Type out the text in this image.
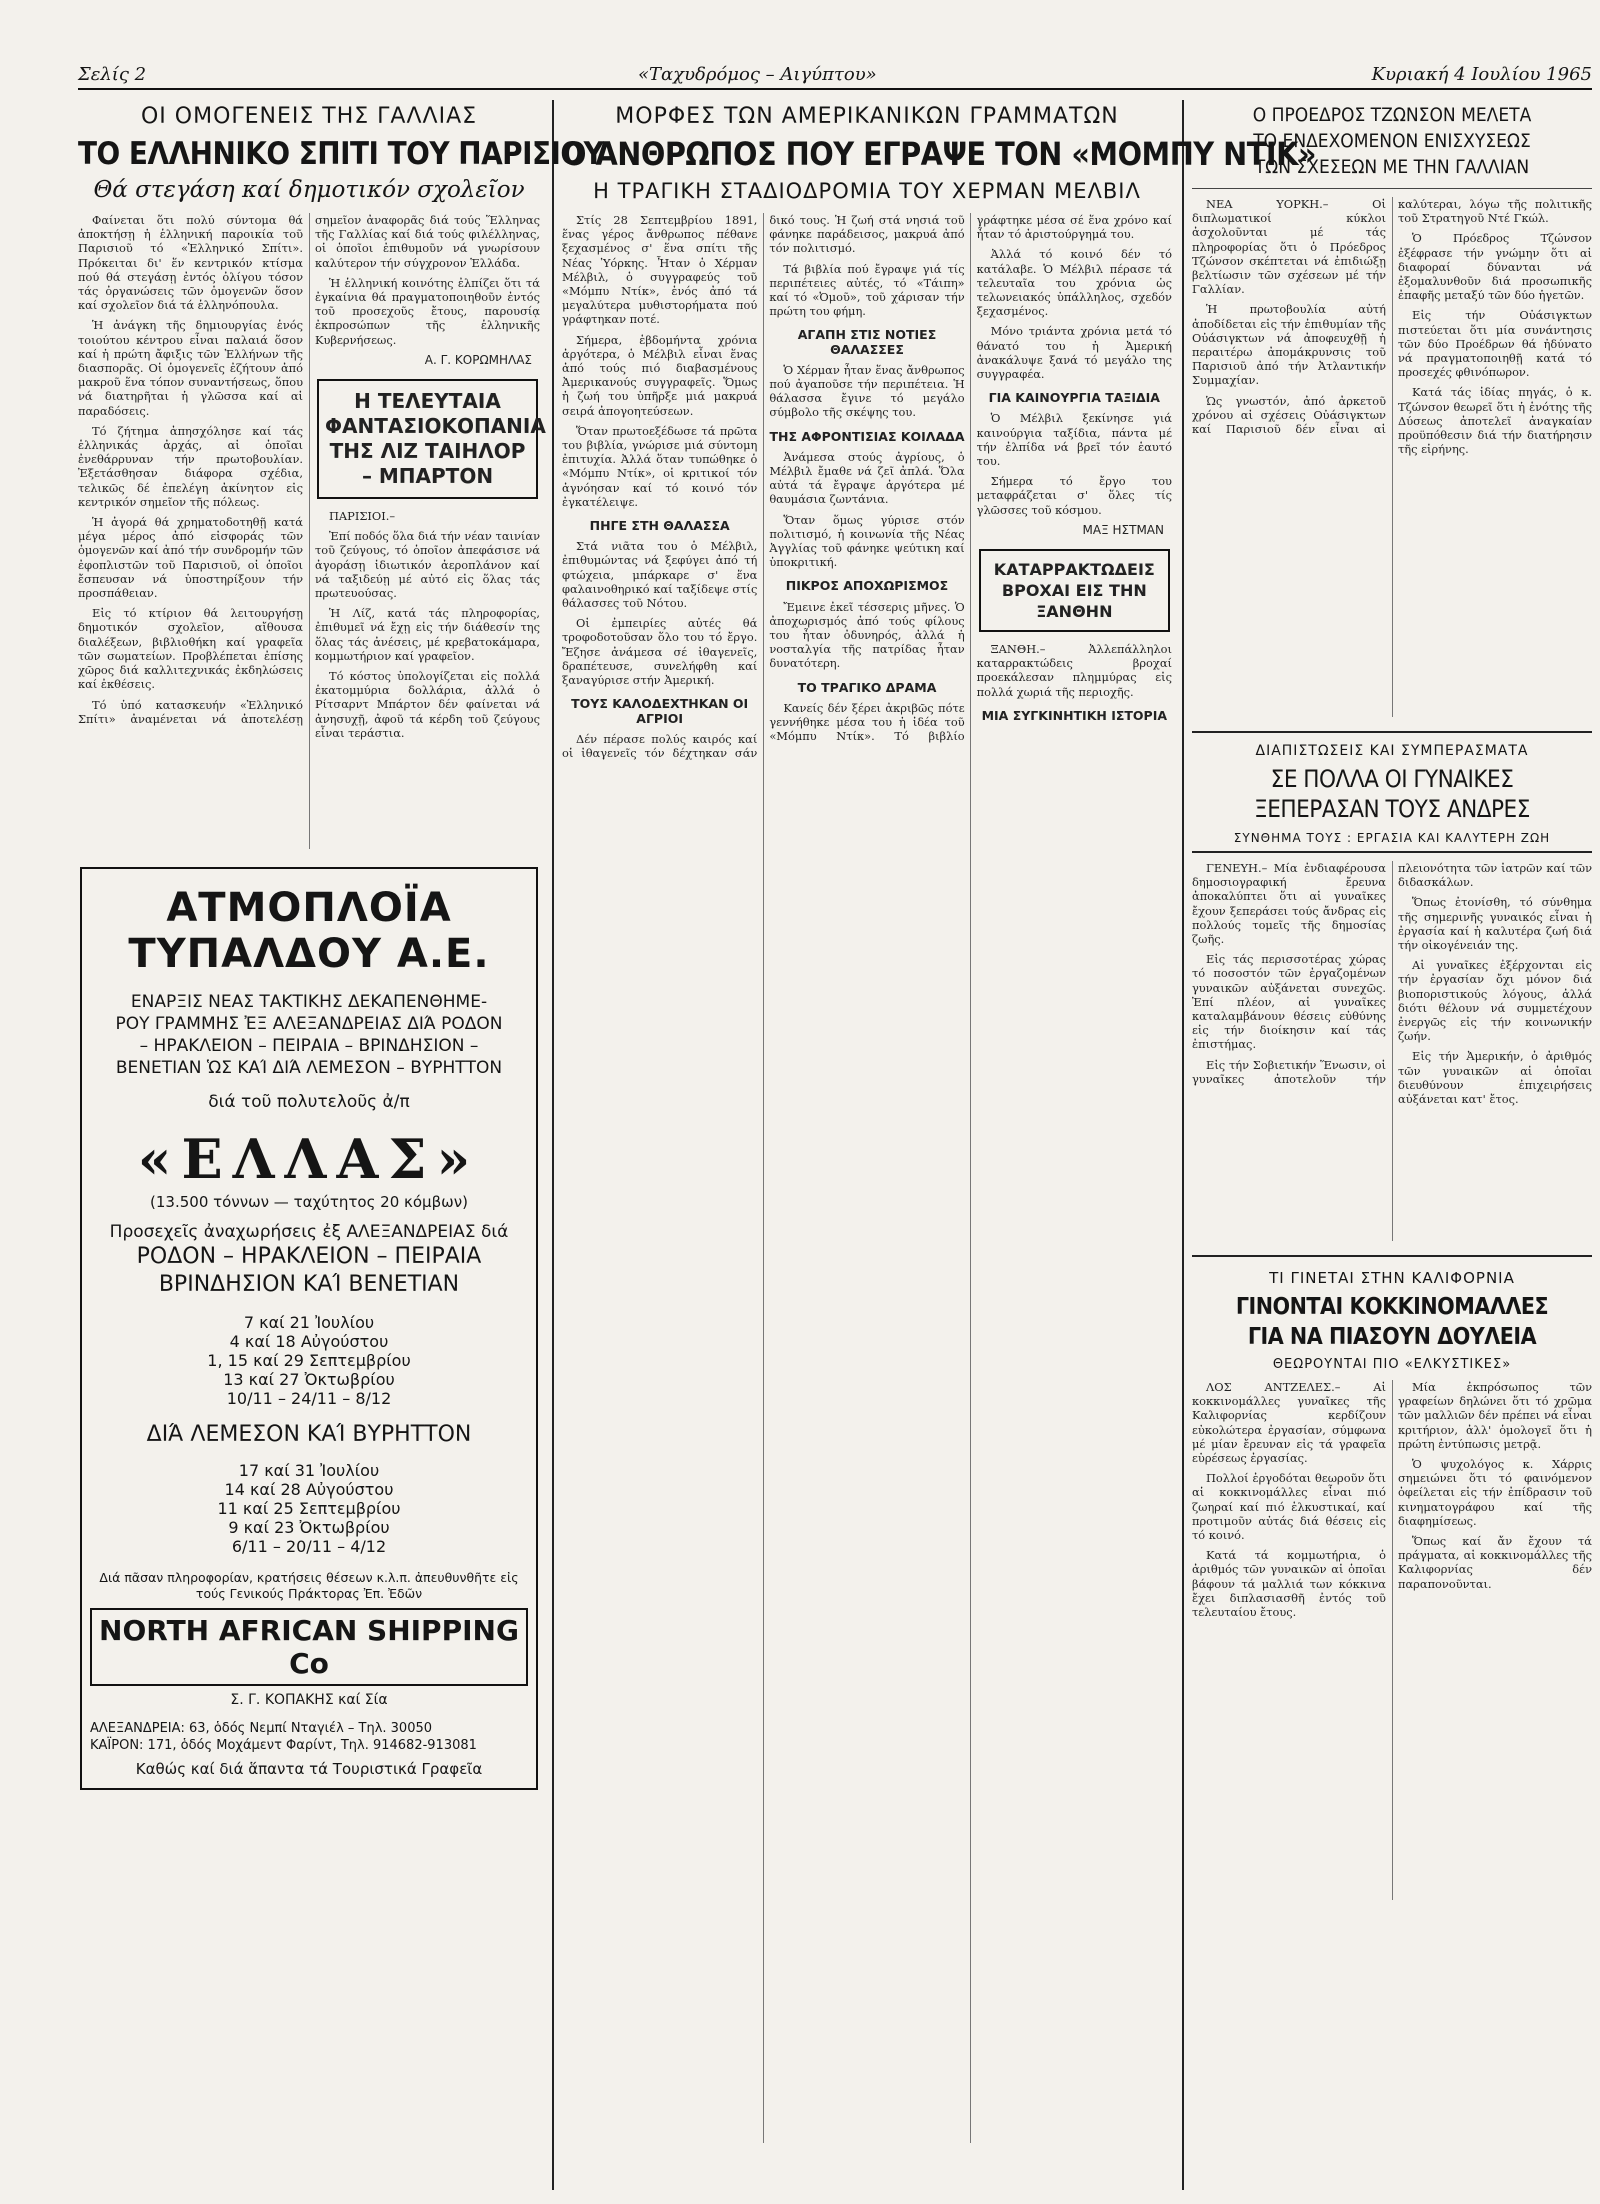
Σελίς 2	«Ταχυδρόμος – Αιγύπτου»	Κυριακή 4 Ιουλίου 1965
ΟΙ ΟΜΟΓΕΝΕΙΣ ΤΗΣ ΓΑΛΛΙΑΣ
ΤΟ ΕΛΛΗΝΙΚΟ ΣΠΙΤΙ ΤΟΥ ΠΑΡΙΣΙΟΥ
Θά στεγάση καί δημοτικόν σχολεῖον

Φαίνεται ὅτι πολύ σύντομα θά ἀποκτήσῃ ἡ ἑλληνική παροικία τοῦ Παρισιοῦ τό «Ἑλληνικό Σπίτι». Πρόκειται δι' ἕν κεντρικόν κτίσμα πού θά στεγάσῃ ἐντός ὀλίγου τόσον τάς ὀργανώσεις τῶν ὁμογενῶν ὅσον καί σχολεῖον διά τά ἑλληνόπουλα.

Ἡ ἀνάγκη τῆς δημιουργίας ἑνός τοιούτου κέντρου εἶναι παλαιά ὅσον καί ἡ πρώτη ἄφιξις τῶν Ἑλλήνων τῆς διασπορᾶς. Οἱ ὁμογενεῖς ἐζήτουν ἀπό μακροῦ ἕνα τόπον συναντήσεως, ὅπου νά διατηρῆται ἡ γλῶσσα καί αἱ παραδόσεις.

Τό ζήτημα ἀπησχόλησε καί τάς ἑλληνικάς ἀρχάς, αἱ ὁποῖαι ἐνεθάρρυναν τήν πρωτοβουλίαν. Ἐξετάσθησαν διάφορα σχέδια, τελικῶς δέ ἐπελέγη ἀκίνητον εἰς κεντρικόν σημεῖον τῆς πόλεως.

Ἡ ἀγορά θά χρηματοδοτηθῇ κατά μέγα μέρος ἀπό εἰσφοράς τῶν ὁμογενῶν καί ἀπό τήν συνδρομήν τῶν ἐφοπλιστῶν τοῦ Παρισιοῦ, οἱ ὁποῖοι ἔσπευσαν νά ὑποστηρίξουν τήν προσπάθειαν.

Εἰς τό κτίριον θά λειτουργήσῃ δημοτικόν σχολεῖον, αἴθουσα διαλέξεων, βιβλιοθήκη καί γραφεῖα τῶν σωματείων. Προβλέπεται ἐπίσης χῶρος διά καλλιτεχνικάς ἐκδηλώσεις καί ἐκθέσεις.

Τό ὑπό κατασκευήν «Ἑλληνικό Σπίτι» ἀναμένεται νά ἀποτελέσῃ σημεῖον ἀναφορᾶς διά τούς Ἕλληνας τῆς Γαλλίας καί διά τούς φιλέλληνας, οἱ ὁποῖοι ἐπιθυμοῦν νά γνωρίσουν καλύτερον τήν σύγχρονον Ἑλλάδα.

Ἡ ἑλληνική κοινότης ἐλπίζει ὅτι τά ἐγκαίνια θά πραγματοποιηθοῦν ἐντός τοῦ προσεχοῦς ἔτους, παρουσίᾳ ἐκπροσώπων τῆς ἑλληνικῆς Κυβερνήσεως.

Α. Γ. ΚΟΡΩΜΗΛΑΣ
Η ΤΕΛΕΥΤΑΙΑ ΦΑΝΤΑΣΙΟΚΟΠΑΝΙΑ ΤΗΣ ΛΙΖ ΤΑΙΗΛΟΡ – ΜΠΑΡΤΟΝ

ΠΑΡΙΣΙΟΙ.–

Ἐπί ποδός ὅλα διά τήν νέαν ταινίαν τοῦ ζεύγους, τό ὁποῖον ἀπεφάσισε νά ἀγοράσῃ ἰδιωτικόν ἀεροπλάνον καί νά ταξιδεύῃ μέ αὐτό εἰς ὅλας τάς πρωτευούσας.

Ἡ Λίζ, κατά τάς πληροφορίας, ἐπιθυμεῖ νά ἔχῃ εἰς τήν διάθεσίν της ὅλας τάς ἀνέσεις, μέ κρεβατοκάμαρα, κομμωτήριον καί γραφεῖον.

Τό κόστος ὑπολογίζεται εἰς πολλά ἑκατομμύρια δολλάρια, ἀλλά ὁ Ρίτσαρντ Μπάρτον δέν φαίνεται νά ἀνησυχῇ, ἀφοῦ τά κέρδη τοῦ ζεύγους εἶναι τεράστια.

ΑΤΜΟΠΛΟΪΑ ΤΥΠΑΛΔΟΥ Α.Ε.
ΕΝΑΡΞΙΣ ΝΕΑΣ ΤΑΚΤΙΚΗΣ ΔΕΚΑΠΕΝΘΗΜΕ-
ΡΟΥ ΓΡΑΜΜΗΣ ἘΞ ΑΛΕΞΑΝΔΡΕΙΑΣ ΔΙΆ ΡΟΔΟΝ
– ΗΡΑΚΛΕΙΟΝ – ΠΕΙΡΑΙΑ – ΒΡΙΝΔΗΣΙΟΝ –
ΒΕΝΕΤΙΑΝ ὩΣ ΚΑΊ ΔΙΆ ΛΕΜΕΣΟΝ – ΒΥΡΗΤΤΟΝ
διά τοῦ πολυτελοῦς ἀ/π
«ΕΛΛΑΣ»
(13.500 τόννων — ταχύτητος 20 κόμβων)
Προσεχεῖς ἀναχωρήσεις ἐξ ΑΛΕΞΑΝΔΡΕΙΑΣ διά
ΡΟΔΟΝ – ΗΡΑΚΛΕΙΟΝ – ΠΕΙΡΑΙΑ
ΒΡΙΝΔΗΣΙΟΝ ΚΑΊ ΒΕΝΕΤΙΑΝ
7 καί 21 Ἰουλίου
4 καί 18 Αὐγούστου
1, 15 καί 29 Σεπτεμβρίου
13 καί 27 Ὀκτωβρίου
10/11 – 24/11 – 8/12
ΔΙΆ ΛΕΜΕΣΟΝ ΚΑΊ ΒΥΡΗΤΤΟΝ
17 καί 31 Ἰουλίου
14 καί 28 Αὐγούστου
11 καί 25 Σεπτεμβρίου
9 καί 23 Ὀκτωβρίου
6/11 – 20/11 – 4/12
Διά πᾶσαν πληροφορίαν, κρατήσεις θέσεων κ.λ.π. ἀπευθυνθῆτε εἰς τούς Γενικούς Πράκτορας Ἐπ. Ἐδῶν
NORTH AFRICAN SHIPPING Co
Σ. Γ. ΚΟΠΑΚΗΣ καί Σία
ΑΛΕΞΑΝΔΡΕΙΑ: 63, ὁδός Νεμπί Νταγιέλ – Τηλ. 30050
ΚΑΪΡΟΝ: 171, ὁδός Μοχάμεντ Φαρίντ, Τηλ. 914682-913081
Καθώς καί διά ἅπαντα τά Τουριστικά Γραφεῖα
ΜΟΡΦΕΣ ΤΩΝ ΑΜΕΡΙΚΑΝΙΚΩΝ ΓΡΑΜΜΑΤΩΝ
Ο ΑΝΘΡΩΠΟΣ ΠΟΥ ΕΓΡΑΨΕ ΤΟΝ «ΜΟΜΠΥ ΝΤΙΚ»
Η ΤΡΑΓΙΚΗ ΣΤΑΔΙΟΔΡΟΜΙΑ ΤΟΥ ΧΕΡΜΑΝ ΜΕΛΒΙΛ

Στίς 28 Σεπτεμβρίου 1891, ἕνας γέρος ἄνθρωπος πέθανε ξεχασμένος σ' ἕνα σπίτι τῆς Νέας Ὑόρκης. Ἦταν ὁ Χέρμαν Μέλβιλ, ὁ συγγραφεύς τοῦ «Μόμπυ Ντίκ», ἑνός ἀπό τά μεγαλύτερα μυθιστορήματα πού γράφτηκαν ποτέ.

Σήμερα, ἑβδομήντα χρόνια ἀργότερα, ὁ Μέλβιλ εἶναι ἕνας ἀπό τούς πιό διαβασμένους Ἀμερικανούς συγγραφεῖς. Ὅμως ἡ ζωή του ὑπῆρξε μιά μακρυά σειρά ἀπογοητεύσεων.

Ὅταν πρωτοεξέδωσε τά πρῶτα του βιβλία, γνώρισε μιά σύντομη ἐπιτυχία. Ἀλλά ὅταν τυπώθηκε ὁ «Μόμπυ Ντίκ», οἱ κριτικοί τόν ἀγνόησαν καί τό κοινό τόν ἐγκατέλειψε.

ΠΗΓΕ ΣΤΗ ΘΑΛΑΣΣΑ

Στά νιᾶτα του ὁ Μέλβιλ, ἐπιθυμώντας νά ξεφύγει ἀπό τή φτώχεια, μπάρκαρε σ' ἕνα φαλαινοθηρικό καί ταξίδεψε στίς θάλασσες τοῦ Νότου.

Οἱ ἐμπειρίες αὐτές θά τροφοδοτοῦσαν ὅλο του τό ἔργο. Ἔζησε ἀνάμεσα σέ ἰθαγενεῖς, δραπέτευσε, συνελήφθη καί ξαναγύρισε στήν Ἀμερική.

ΤΟΥΣ ΚΑΛΟΔΕΧΤΗΚΑΝ ΟΙ ΑΓΡΙΟΙ

Δέν πέρασε πολύς καιρός καί οἱ ἰθαγενεῖς τόν δέχτηκαν σάν δικό τους. Ἡ ζωή στά νησιά τοῦ φάνηκε παράδεισος, μακρυά ἀπό τόν πολιτισμό.

Τά βιβλία πού ἔγραψε γιά τίς περιπέτειες αὐτές, τό «Τάιπη» καί τό «Ὀμοῦ», τοῦ χάρισαν τήν πρώτη του φήμη.

ΑΓΑΠΗ ΣΤΙΣ ΝΟΤΙΕΣ ΘΑΛΑΣΣΕΣ

Ὁ Χέρμαν ἦταν ἕνας ἄνθρωπος πού ἀγαποῦσε τήν περιπέτεια. Ἡ θάλασσα ἔγινε τό μεγάλο σύμβολο τῆς σκέψης του.

ΤΗΣ ΑΦΡΟΝΤΙΣΙΑΣ ΚΟΙΛΑΔΑ

Ἀνάμεσα στούς ἀγρίους, ὁ Μέλβιλ ἔμαθε νά ζεῖ ἀπλά. Ὅλα αὐτά τά ἔγραψε ἀργότερα μέ θαυμάσια ζωντάνια.

Ὅταν ὅμως γύρισε στόν πολιτισμό, ἡ κοινωνία τῆς Νέας Ἀγγλίας τοῦ φάνηκε ψεύτικη καί ὑποκριτική.

ΠΙΚΡΟΣ ΑΠΟΧΩΡΙΣΜΟΣ

Ἔμεινε ἐκεῖ τέσσερις μῆνες. Ὁ ἀποχωρισμός ἀπό τούς φίλους του ἦταν ὀδυνηρός, ἀλλά ἡ νοσταλγία τῆς πατρίδας ἦταν δυνατότερη.

ΤΟ ΤΡΑΓΙΚΟ ΔΡΑΜΑ

Κανείς δέν ξέρει ἀκριβῶς πότε γεννήθηκε μέσα του ἡ ἰδέα τοῦ «Μόμπυ Ντίκ». Τό βιβλίο γράφτηκε μέσα σέ ἕνα χρόνο καί ἦταν τό ἀριστούργημά του.

Ἀλλά τό κοινό δέν τό κατάλαβε. Ὁ Μέλβιλ πέρασε τά τελευταῖα του χρόνια ὡς τελωνειακός ὑπάλληλος, σχεδόν ξεχασμένος.

Μόνο τριάντα χρόνια μετά τό θάνατό του ἡ Ἀμερική ἀνακάλυψε ξανά τό μεγάλο της συγγραφέα.

ΓΙΑ ΚΑΙΝΟΥΡΓΙΑ ΤΑΞΙΔΙΑ

Ὁ Μέλβιλ ξεκίνησε γιά καινούργια ταξίδια, πάντα μέ τήν ἐλπίδα νά βρεῖ τόν ἑαυτό του.

Σήμερα τό ἔργο του μεταφράζεται σ' ὅλες τίς γλῶσσες τοῦ κόσμου.

ΜΑΞ ΗΣΤΜΑΝ
ΚΑΤΑΡΡΑΚΤΩΔΕΙΣ ΒΡΟΧΑΙ ΕΙΣ ΤΗΝ ΞΑΝΘΗΝ

ΞΑΝΘΗ.– Ἀλλεπάλληλοι καταρρακτώδεις βροχαί προεκάλεσαν πλημμύρας εἰς πολλά χωριά τῆς περιοχῆς.

ΜΙΑ ΣΥΓΚΙΝΗΤΙΚΗ ΙΣΤΟΡΙΑ
Ο ΠΡΟΕΔΡΟΣ ΤΖΩΝΣΟΝ ΜΕΛΕΤΑ
ΤΟ ΕΝΔΕΧΟΜΕΝΟΝ ΕΝΙΣΧΥΣΕΩΣ
ΤΩΝ ΣΧΕΣΕΩΝ ΜΕ ΤΗΝ ΓΑΛΛΙΑΝ

ΝΕΑ ΥΟΡΚΗ.– Οἱ διπλωματικοί κύκλοι ἀσχολοῦνται μέ τάς πληροφορίας ὅτι ὁ Πρόεδρος Τζώνσον σκέπτεται νά ἐπιδιώξῃ βελτίωσιν τῶν σχέσεων μέ τήν Γαλλίαν.

Ἡ πρωτοβουλία αὐτή ἀποδίδεται εἰς τήν ἐπιθυμίαν τῆς Οὐάσιγκτων νά ἀποφευχθῇ ἡ περαιτέρω ἀπομάκρυνσις τοῦ Παρισιοῦ ἀπό τήν Ἀτλαντικήν Συμμαχίαν.

Ὡς γνωστόν, ἀπό ἀρκετοῦ χρόνου αἱ σχέσεις Οὐάσιγκτων καί Παρισιοῦ δέν εἶναι αἱ καλύτεραι, λόγω τῆς πολιτικῆς τοῦ Στρατηγοῦ Ντέ Γκώλ.

Ὁ Πρόεδρος Τζώνσον ἐξέφρασε τήν γνώμην ὅτι αἱ διαφοραί δύνανται νά ἐξομαλυνθοῦν διά προσωπικῆς ἐπαφῆς μεταξύ τῶν δύο ἡγετῶν.

Εἰς τήν Οὐάσιγκτων πιστεύεται ὅτι μία συνάντησις τῶν δύο Προέδρων θά ἠδύνατο νά πραγματοποιηθῇ κατά τό προσεχές φθινόπωρον.

Κατά τάς ἰδίας πηγάς, ὁ κ. Τζώνσον θεωρεῖ ὅτι ἡ ἑνότης τῆς Δύσεως ἀποτελεῖ ἀναγκαίαν προϋπόθεσιν διά τήν διατήρησιν τῆς εἰρήνης.

ΔΙΑΠΙΣΤΩΣΕΙΣ ΚΑΙ ΣΥΜΠΕΡΑΣΜΑΤΑ
ΣΕ ΠΟΛΛΑ ΟΙ ΓΥΝΑΙΚΕΣ
ΞΕΠΕΡΑΣΑΝ ΤΟΥΣ ΑΝΔΡΕΣ
ΣΥΝΘΗΜΑ ΤΟΥΣ : ΕΡΓΑΣΙΑ ΚΑΙ ΚΑΛΥΤΕΡΗ ΖΩΗ

ΓΕΝΕΥΗ.– Μία ἐνδιαφέρουσα δημοσιογραφική ἔρευνα ἀποκαλύπτει ὅτι αἱ γυναῖκες ἔχουν ξεπεράσει τούς ἄνδρας εἰς πολλούς τομεῖς τῆς δημοσίας ζωῆς.

Εἰς τάς περισσοτέρας χώρας τό ποσοστόν τῶν ἐργαζομένων γυναικῶν αὐξάνεται συνεχῶς. Ἐπί πλέον, αἱ γυναῖκες καταλαμβάνουν θέσεις εὐθύνης εἰς τήν διοίκησιν καί τάς ἐπιστήμας.

Εἰς τήν Σοβιετικήν Ἕνωσιν, οἱ γυναῖκες ἀποτελοῦν τήν πλειονότητα τῶν ἰατρῶν καί τῶν διδασκάλων.

Ὅπως ἐτονίσθη, τό σύνθημα τῆς σημερινῆς γυναικός εἶναι ἡ ἐργασία καί ἡ καλυτέρα ζωή διά τήν οἰκογένειάν της.

Αἱ γυναῖκες ἐξέρχονται εἰς τήν ἐργασίαν ὄχι μόνον διά βιοποριστικούς λόγους, ἀλλά διότι θέλουν νά συμμετέχουν ἐνεργῶς εἰς τήν κοινωνικήν ζωήν.

Εἰς τήν Ἀμερικήν, ὁ ἀριθμός τῶν γυναικῶν αἱ ὁποῖαι διευθύνουν ἐπιχειρήσεις αὐξάνεται κατ' ἔτος.

ΤΙ ΓΙΝΕΤΑΙ ΣΤΗΝ ΚΑΛΙΦΟΡΝΙΑ
ΓΙΝΟΝΤΑΙ ΚΟΚΚΙΝΟΜΑΛΛΕΣ
ΓΙΑ ΝΑ ΠΙΑΣΟΥΝ ΔΟΥΛΕΙΑ
ΘΕΩΡΟΥΝΤΑΙ ΠΙΟ «ΕΛΚΥΣΤΙΚΕΣ»

ΛΟΣ ΑΝΤΖΕΛΕΣ.– Αἱ κοκκινομάλλες γυναῖκες τῆς Καλιφορνίας κερδίζουν εὐκολώτερα ἐργασίαν, σύμφωνα μέ μίαν ἔρευναν εἰς τά γραφεῖα εὑρέσεως ἐργασίας.

Πολλοί ἐργοδόται θεωροῦν ὅτι αἱ κοκκινομάλλες εἶναι πιό ζωηραί καί πιό ἑλκυστικαί, καί προτιμοῦν αὐτάς διά θέσεις εἰς τό κοινό.

Κατά τά κομμωτήρια, ὁ ἀριθμός τῶν γυναικῶν αἱ ὁποῖαι βάφουν τά μαλλιά των κόκκινα ἔχει διπλασιασθῆ ἐντός τοῦ τελευταίου ἔτους.

Μία ἐκπρόσωπος τῶν γραφείων δηλώνει ὅτι τό χρῶμα τῶν μαλλιῶν δέν πρέπει νά εἶναι κριτήριον, ἀλλ' ὁμολογεῖ ὅτι ἡ πρώτη ἐντύπωσις μετρᾷ.

Ὁ ψυχολόγος κ. Χάρρις σημειώνει ὅτι τό φαινόμενον ὀφείλεται εἰς τήν ἐπίδρασιν τοῦ κινηματογράφου καί τῆς διαφημίσεως.

Ὅπως καί ἄν ἔχουν τά πράγματα, αἱ κοκκινομάλλες τῆς Καλιφορνίας δέν παραπονοῦνται.
